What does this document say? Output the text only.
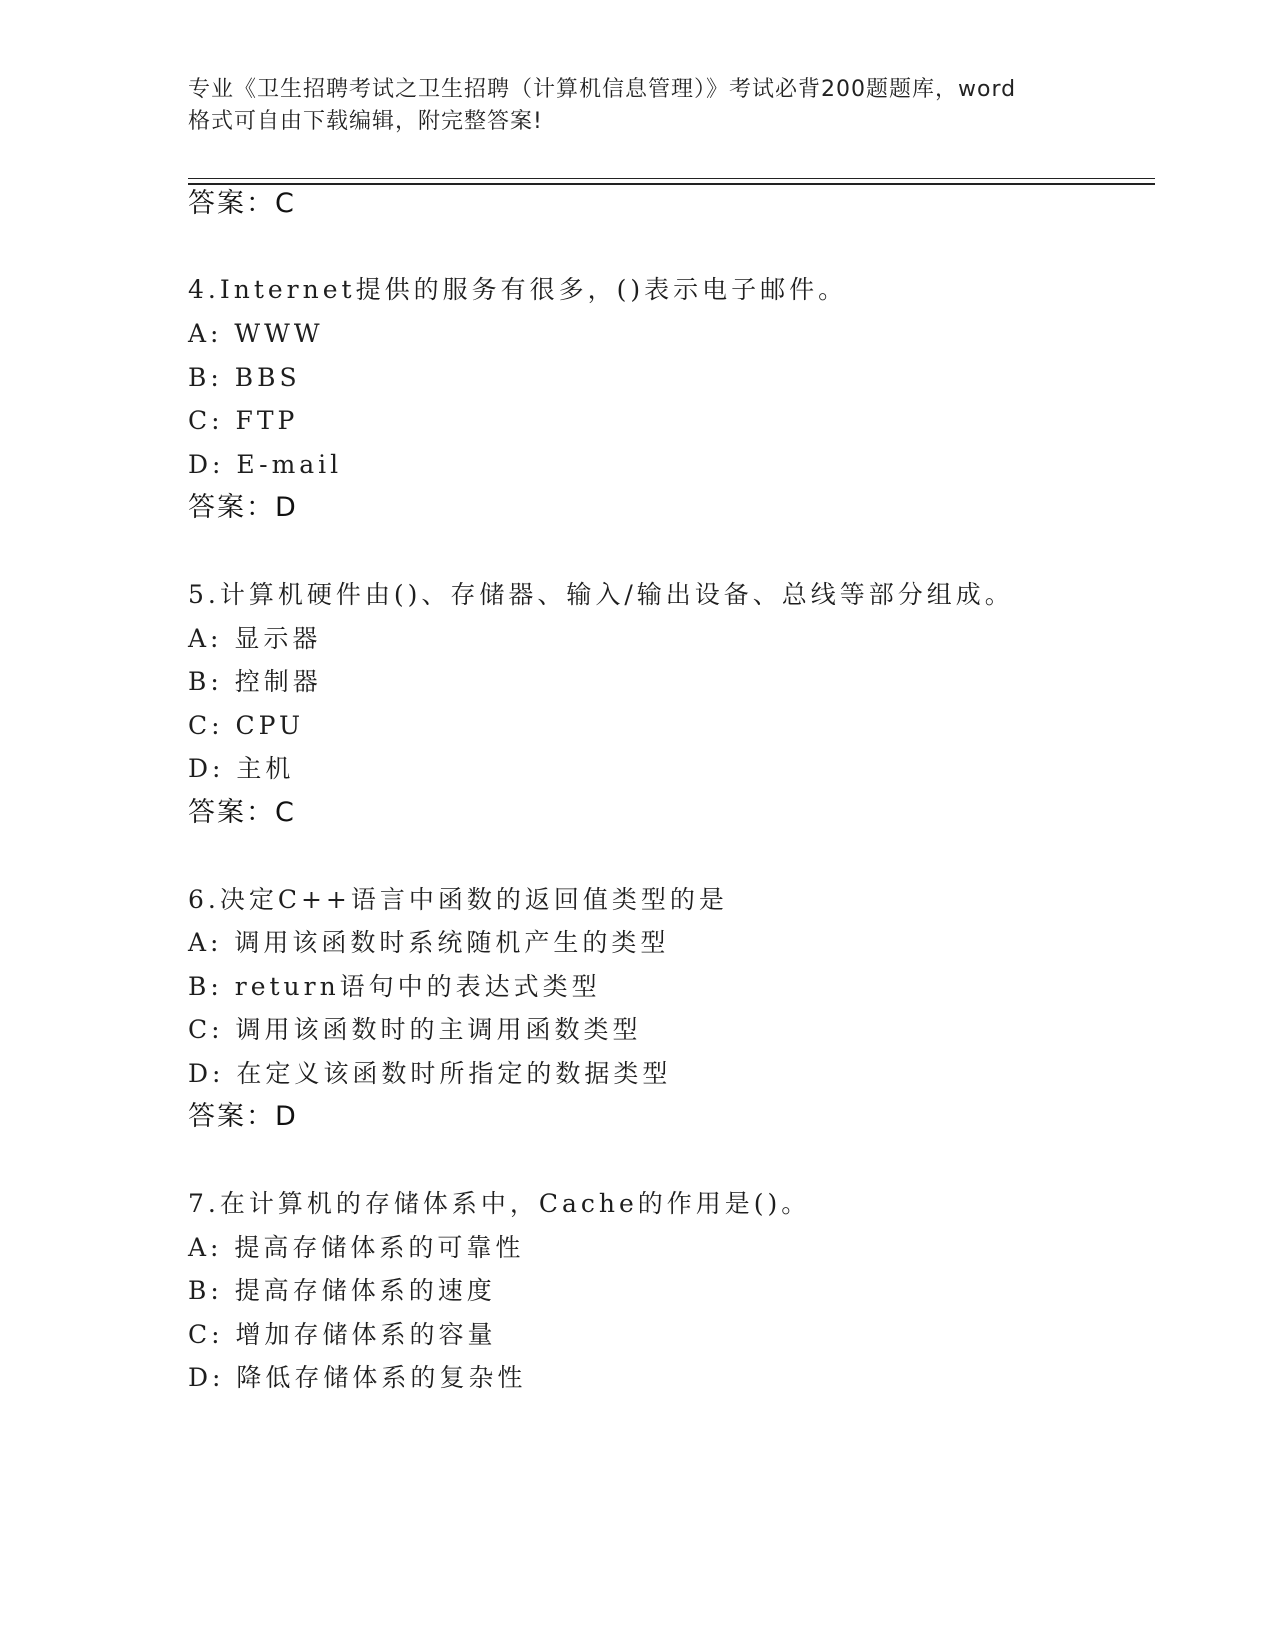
专业《卫生招聘考试之卫生招聘（计算机信息管理）》考试必背200题题库，word
格式可自由下载编辑，附完整答案!
答案：C
4.Internet提供的服务有很多，()表示电子邮件。
A: WWW
B: BBS
C: FTP
D: E-mail
答案：D
5.计算机硬件由()、存储器、输入/输出设备、总线等部分组成。
A: 显示器
B: 控制器
C: CPU
D: 主机
答案：C
6.决定C++语言中函数的返回值类型的是
A: 调用该函数时系统随机产生的类型
B: return语句中的表达式类型
C: 调用该函数时的主调用函数类型
D: 在定义该函数时所指定的数据类型
答案：D
7.在计算机的存储体系中，Cache的作用是()。
A: 提高存储体系的可靠性
B: 提高存储体系的速度
C: 增加存储体系的容量
D: 降低存储体系的复杂性
